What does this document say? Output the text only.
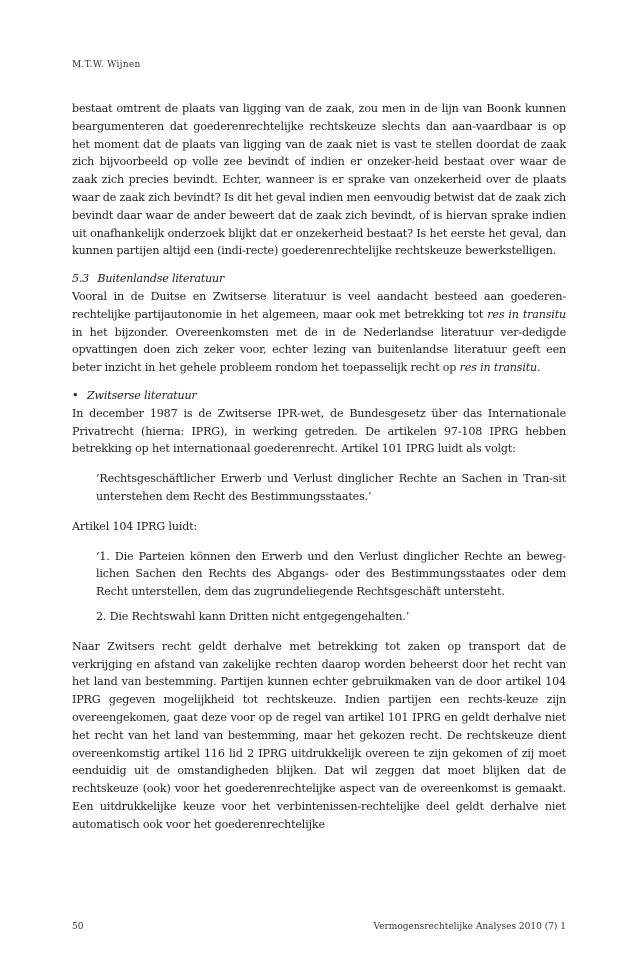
M.T.W. Wijnen

bestaat omtrent de plaats van ligging van de zaak, zou men in de lijn van Boonk kunnen beargumenteren dat goederenrechtelijke rechtskeuze slechts dan aan-vaardbaar is op het moment dat de plaats van ligging van de zaak niet is vast te stellen doordat de zaak zich bijvoorbeeld op volle zee bevindt of indien er onzeker-heid bestaat over waar de zaak zich precies bevindt. Echter, wanneer is er sprake van onzekerheid over de plaats waar de zaak zich bevindt? Is dit het geval indien men eenvoudig betwist dat de zaak zich bevindt daar waar de ander beweert dat de zaak zich bevindt, of is hiervan sprake indien uit onafhankelijk onderzoek blijkt dat er onzekerheid bestaat? Is het eerste het geval, dan kunnen partijen altijd een (indi-recte) goederenrechtelijke rechtskeuze bewerkstelligen.

5.3 Buitenlandse literatuur

Vooral in de Duitse en Zwitserse literatuur is veel aandacht besteed aan goederen-rechtelijke partijautonomie in het algemeen, maar ook met betrekking tot res in transitu in het bijzonder. Overeenkomsten met de in de Nederlandse literatuur ver-dedigde opvattingen doen zich zeker voor, echter lezing van buitenlandse literatuur geeft een beter inzicht in het gehele probleem rondom het toepasselijk recht op res in transitu.

• Zwitserse literatuur

In december 1987 is de Zwitserse IPR-wet, de Bundesgesetz über das Internationale Privatrecht (hierna: IPRG), in werking getreden. De artikelen 97-108 IPRG hebben betrekking op het internationaal goederenrecht. Artikel 101 IPRG luidt als volgt:

‘Rechtsgeschäftlicher Erwerb und Verlust dinglicher Rechte an Sachen in Tran-sit unterstehen dem Recht des Bestimmungsstaates.’

Artikel 104 IPRG luidt:

‘1. Die Parteien können den Erwerb und den Verlust dinglicher Rechte an beweg-lichen Sachen den Rechts des Abgangs- oder des Bestimmungsstaates oder dem Recht unterstellen, dem das zugrundeliegende Rechtsgeschäft untersteht.

2. Die Rechtswahl kann Dritten nicht entgegengehalten.’

Naar Zwitsers recht geldt derhalve met betrekking tot zaken op transport dat de verkrijging en afstand van zakelijke rechten daarop worden beheerst door het recht van het land van bestemming. Partijen kunnen echter gebruikmaken van de door artikel 104 IPRG gegeven mogelijkheid tot rechtskeuze. Indien partijen een rechts-keuze zijn overeengekomen, gaat deze voor op de regel van artikel 101 IPRG en geldt derhalve niet het recht van het land van bestemming, maar het gekozen recht. De rechtskeuze dient overeenkomstig artikel 116 lid 2 IPRG uitdrukkelijk overeen te zijn gekomen of zij moet eenduidig uit de omstandigheden blijken. Dat wil zeggen dat moet blijken dat de rechtskeuze (ook) voor het goederenrechtelijke aspect van de overeenkomst is gemaakt. Een uitdrukkelijke keuze voor het verbintenissen-rechtelijke deel geldt derhalve niet automatisch ook voor het goederenrechtelijke

50	Vermogensrechtelijke Analyses 2010 (7) 1
